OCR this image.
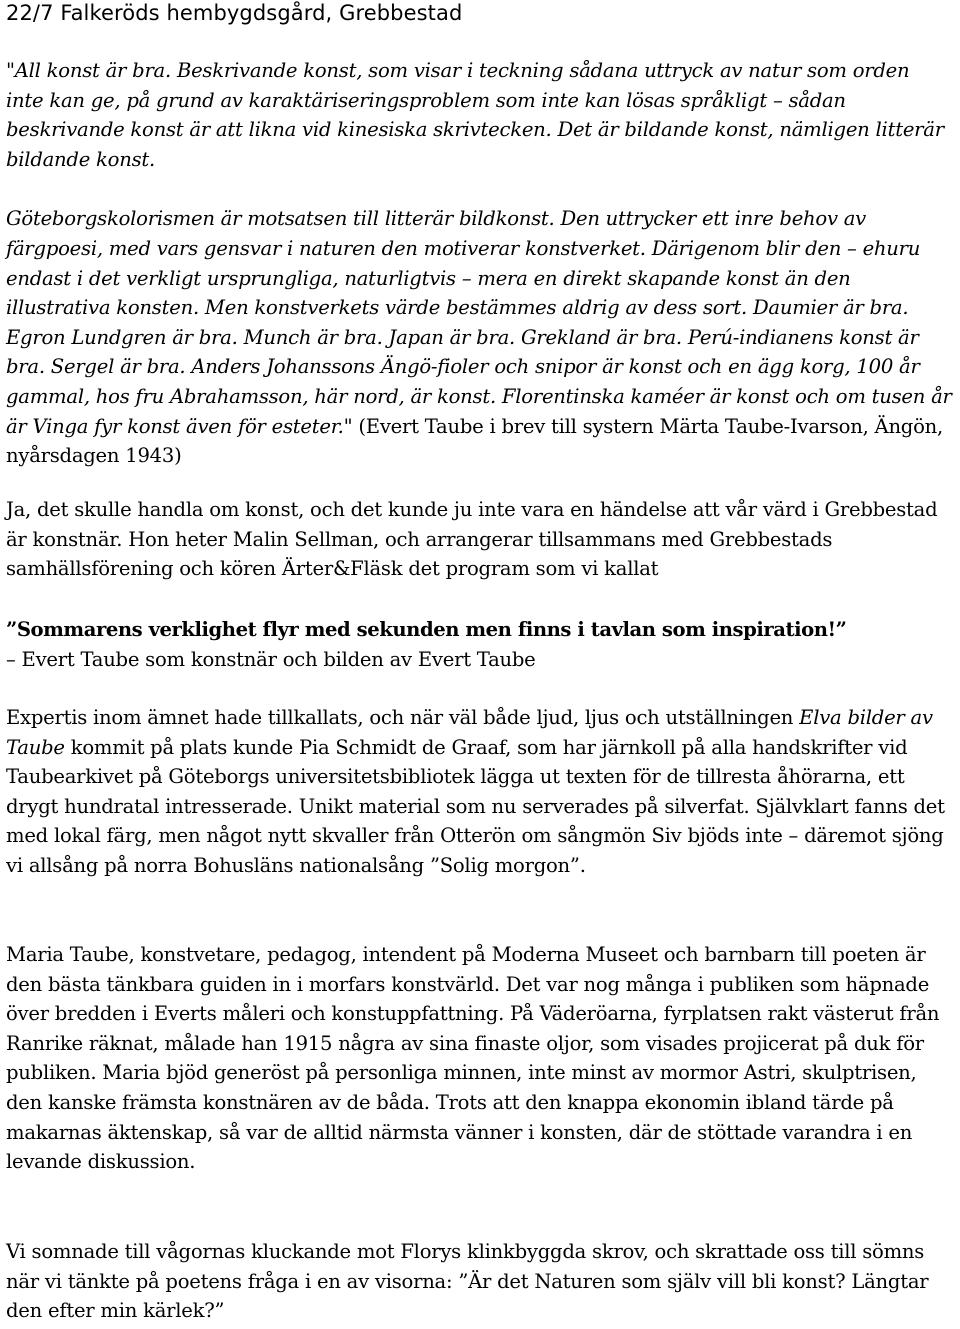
22/7 Falkeröds hembygdsgård, Grebbestad

"All konst är bra. Beskrivande konst, som visar i teckning sådana uttryck av natur som orden inte kan ge, på grund av karaktäriseringsproblem som inte kan lösas språkligt – sådan beskrivande konst är att likna vid kinesiska skrivtecken. Det är bildande konst, nämligen litterär bildande konst.
Göteborgskolorismen är motsatsen till litterär bildkonst. Den uttrycker ett inre behov av färgpoesi, med vars gensvar i naturen den motiverar konstverket. Därigenom blir den – ehuru endast i det verkligt ursprungliga, naturligtvis – mera en direkt skapande konst än den illustrativa konsten. Men konstverkets värde bestämmes aldrig av dess sort. Daumier är bra. Egron Lundgren är bra. Munch är bra. Japan är bra. Grekland är bra. Perú-indianens konst är bra. Sergel är bra. Anders Johanssons Ängö-fioler och snipor är konst och en ägg korg, 100 år gammal, hos fru Abrahamsson, här nord, är konst. Florentinska kaméer är konst och om tusen år är Vinga fyr konst även för esteter." (Evert Taube i brev till systern Märta Taube-Ivarson, Ängön, nyårsdagen 1943)

Ja, det skulle handla om konst, och det kunde ju inte vara en händelse att vår värd i Grebbestad är konstnär. Hon heter Malin Sellman, och arrangerar tillsammans med Grebbestads samhällsförening och kören Ärter&Fläsk det program som vi kallat

”Sommarens verklighet flyr med sekunden men finns i tavlan som inspiration!”
– Evert Taube som konstnär och bilden av Evert Taube

Expertis inom ämnet hade tillkallats, och när väl både ljud, ljus och utställningen Elva bilder av Taube kommit på plats kunde Pia Schmidt de Graaf, som har järnkoll på alla handskrifter vid Taubearkivet på Göteborgs universitetsbibliotek lägga ut texten för de tillresta åhörarna, ett drygt hundratal intresserade. Unikt material som nu serverades på silverfat. Självklart fanns det med lokal färg, men något nytt skvaller från Otterön om sångmön Siv bjöds inte – däremot sjöng vi allsång på norra Bohusläns nationalsång ”Solig morgon”.

Maria Taube, konstvetare, pedagog, intendent på Moderna Museet och barnbarn till poeten är den bästa tänkbara guiden in i morfars konstvärld. Det var nog många i publiken som häpnade över bredden i Everts måleri och konstuppfattning. På Väderöarna, fyrplatsen rakt västerut från Ranrike räknat, målade han 1915 några av sina finaste oljor, som visades projicerat på duk för publiken. Maria bjöd generöst på personliga minnen, inte minst av mormor Astri, skulptrisen, den kanske främsta konstnären av de båda. Trots att den knappa ekonomin ibland tärde på makarnas äktenskap, så var de alltid närmsta vänner i konsten, där de stöttade varandra i en levande diskussion.

Vi somnade till vågornas kluckande mot Florys klinkbyggda skrov, och skrattade oss till sömns när vi tänkte på poetens fråga i en av visorna: ”Är det Naturen som själv vill bli konst? Längtar den efter min kärlek?”
